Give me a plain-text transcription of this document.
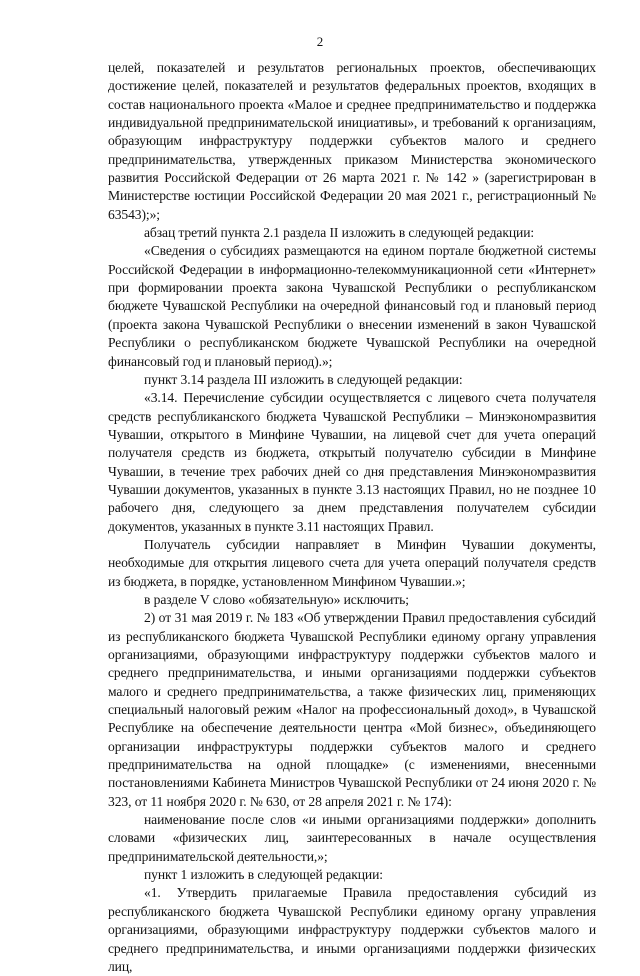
2

целей, показателей и результатов региональных проектов, обеспечивающих достижение целей, показателей и результатов федеральных проектов, входящих в состав национального проекта «Малое и среднее предпринимательство и поддержка индивидуальной предпринимательской инициативы», и требований к организациям, образующим инфраструктуру поддержки субъектов малого и среднего предпринимательства, утвержденных приказом Министерства экономического развития Российской Федерации от 26 марта 2021 г. № 142 » (зарегистрирован в Министерстве юстиции Российской Федерации 20 мая 2021 г., регистрационный № 63543);»;

абзац третий пункта 2.1 раздела II изложить в следующей редакции:

«Сведения о субсидиях размещаются на едином портале бюджетной системы Российской Федерации в информационно-телекоммуникационной сети «Интернет» при формировании проекта закона Чувашской Республики о республиканском бюджете Чувашской Республики на очередной финансовый год и плановый период (проекта закона Чувашской Республики о внесении изменений в закон Чувашской Республики о республиканском бюджете Чувашской Республики на очередной финансовый год и плановый период).»;

пункт 3.14 раздела III изложить в следующей редакции:

«3.14. Перечисление субсидии осуществляется с лицевого счета получателя средств республиканского бюджета Чувашской Республики – Минэкономразвития Чувашии, открытого в Минфине Чувашии, на лицевой счет для учета операций получателя средств из бюджета, открытый получателю субсидии в Минфине Чувашии, в течение трех рабочих дней со дня представления Минэкономразвития Чувашии документов, указанных в пункте 3.13 настоящих Правил, но не позднее 10 рабочего дня, следующего за днем представления получателем субсидии документов, указанных в пункте 3.11 настоящих Правил.

Получатель субсидии направляет в Минфин Чувашии документы, необходимые для открытия лицевого счета для учета операций получателя средств из бюджета, в порядке, установленном Минфином Чувашии.»;

в разделе V слово «обязательную» исключить;

2) от 31 мая 2019 г. № 183 «Об утверждении Правил предоставления субсидий из республиканского бюджета Чувашской Республики единому органу управления организациями, образующими инфраструктуру поддержки субъектов малого и среднего предпринимательства, и иными организациями поддержки субъектов малого и среднего предпринимательства, а также физических лиц, применяющих специальный налоговый режим «Налог на профессиональный доход», в Чувашской Республике на обеспечение деятельности центра «Мой бизнес», объединяющего организации инфраструктуры поддержки субъектов малого и среднего предпринимательства на одной площадке» (с изменениями, внесенными постановлениями Кабинета Министров Чувашской Республики от 24 июня 2020 г. № 323, от 11 ноября 2020 г. № 630, от 28 апреля 2021 г. № 174):

наименование после слов «и иными организациями поддержки» дополнить словами «физических лиц, заинтересованных в начале осуществления предпринимательской деятельности,»;

пункт 1 изложить в следующей редакции:

«1. Утвердить прилагаемые Правила предоставления субсидий из республиканского бюджета Чувашской Республики единому органу управления организациями, образующими инфраструктуру поддержки субъектов малого и среднего предпринимательства, и иными организациями поддержки физических лиц,
